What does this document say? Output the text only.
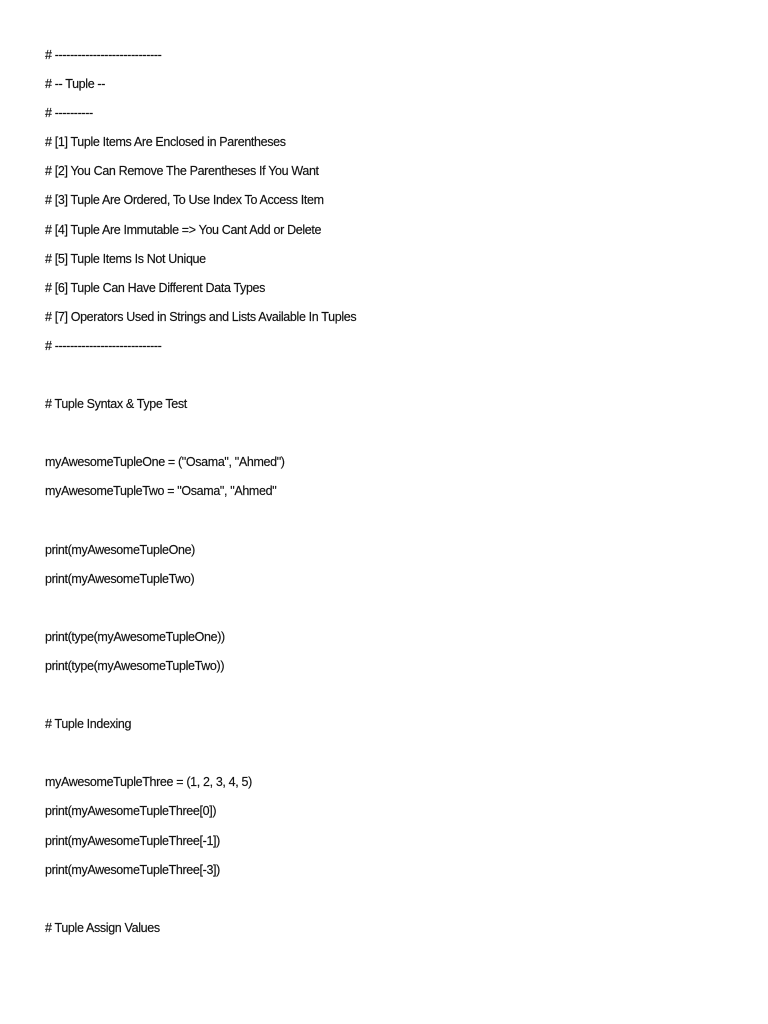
# ----------------------------
# -- Tuple --
# ----------
# [1] Tuple Items Are Enclosed in Parentheses
# [2] You Can Remove The Parentheses If You Want
# [3] Tuple Are Ordered, To Use Index To Access Item
# [4] Tuple Are Immutable => You Cant Add or Delete
# [5] Tuple Items Is Not Unique
# [6] Tuple Can Have Different Data Types
# [7] Operators Used in Strings and Lists Available In Tuples
# ----------------------------
# Tuple Syntax & Type Test
myAwesomeTupleOne = ("Osama", "Ahmed")
myAwesomeTupleTwo = "Osama", "Ahmed"
print(myAwesomeTupleOne)
print(myAwesomeTupleTwo)
print(type(myAwesomeTupleOne))
print(type(myAwesomeTupleTwo))
# Tuple Indexing
myAwesomeTupleThree = (1, 2, 3, 4, 5)
print(myAwesomeTupleThree[0])
print(myAwesomeTupleThree[-1])
print(myAwesomeTupleThree[-3])
# Tuple Assign Values
